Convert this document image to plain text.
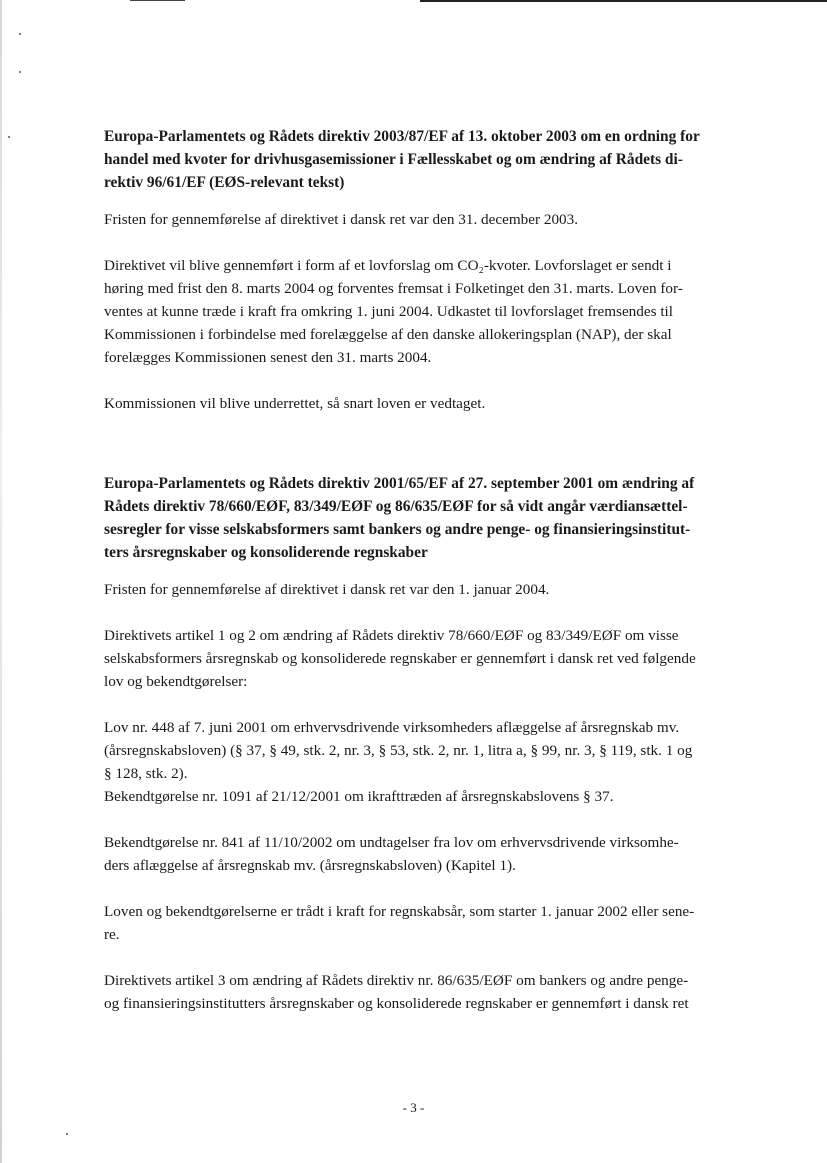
Europa-Parlamentets og Rådets direktiv 2003/87/EF af 13. oktober 2003 om en ordning for
handel med kvoter for drivhusgasemissioner i Fællesskabet og om ændring af Rådets di-
rektiv 96/61/EF (EØS-relevant tekst)
Fristen for gennemførelse af direktivet i dansk ret var den 31. december 2003.
Direktivet vil blive gennemført i form af et lovforslag om CO₂-kvoter. Lovforslaget er sendt i
høring med frist den 8. marts 2004 og forventes fremsat i Folketinget den 31. marts. Loven for-
ventes at kunne træde i kraft fra omkring 1. juni 2004. Udkastet til lovforslaget fremsendes til
Kommissionen i forbindelse med forelæggelse af den danske allokeringsplan (NAP), der skal
forelægges Kommissionen senest den 31. marts 2004.
Kommissionen vil blive underrettet, så snart loven er vedtaget.
Europa-Parlamentets og Rådets direktiv 2001/65/EF af 27. september 2001 om ændring af
Rådets direktiv 78/660/EØF, 83/349/EØF og 86/635/EØF for så vidt angår værdiansættel-
sesregler for visse selskabsformers samt bankers og andre penge- og finansieringsinstitut-
ters årsregnskaber og konsoliderende regnskaber
Fristen for gennemførelse af direktivet i dansk ret var den 1. januar 2004.
Direktivets artikel 1 og 2 om ændring af Rådets direktiv 78/660/EØF og 83/349/EØF om visse
selskabsformers årsregnskab og konsoliderede regnskaber er gennemført i dansk ret ved følgende
lov og bekendtgørelser:
Lov nr. 448 af 7. juni 2001 om erhvervsdrivende virksomheders aflæggelse af årsregnskab mv.
(årsregnskabsloven) (§ 37, § 49, stk. 2, nr. 3, § 53, stk. 2, nr. 1, litra a, § 99, nr. 3, § 119, stk. 1 og
§ 128, stk. 2).
Bekendtgørelse nr. 1091 af 21/12/2001 om ikrafttræden af årsregnskabslovens § 37.
Bekendtgørelse nr. 841 af 11/10/2002 om undtagelser fra lov om erhvervsdrivende virksomhe-
ders aflæggelse af årsregnskab mv. (årsregnskabsloven) (Kapitel 1).
Loven og bekendtgørelserne er trådt i kraft for regnskabsår, som starter 1. januar 2002 eller sene-
re.
Direktivets artikel 3 om ændring af Rådets direktiv nr. 86/635/EØF om bankers og andre penge-
og finansieringsinstitutters årsregnskaber og konsoliderede regnskaber er gennemført i dansk ret
- 3 -
